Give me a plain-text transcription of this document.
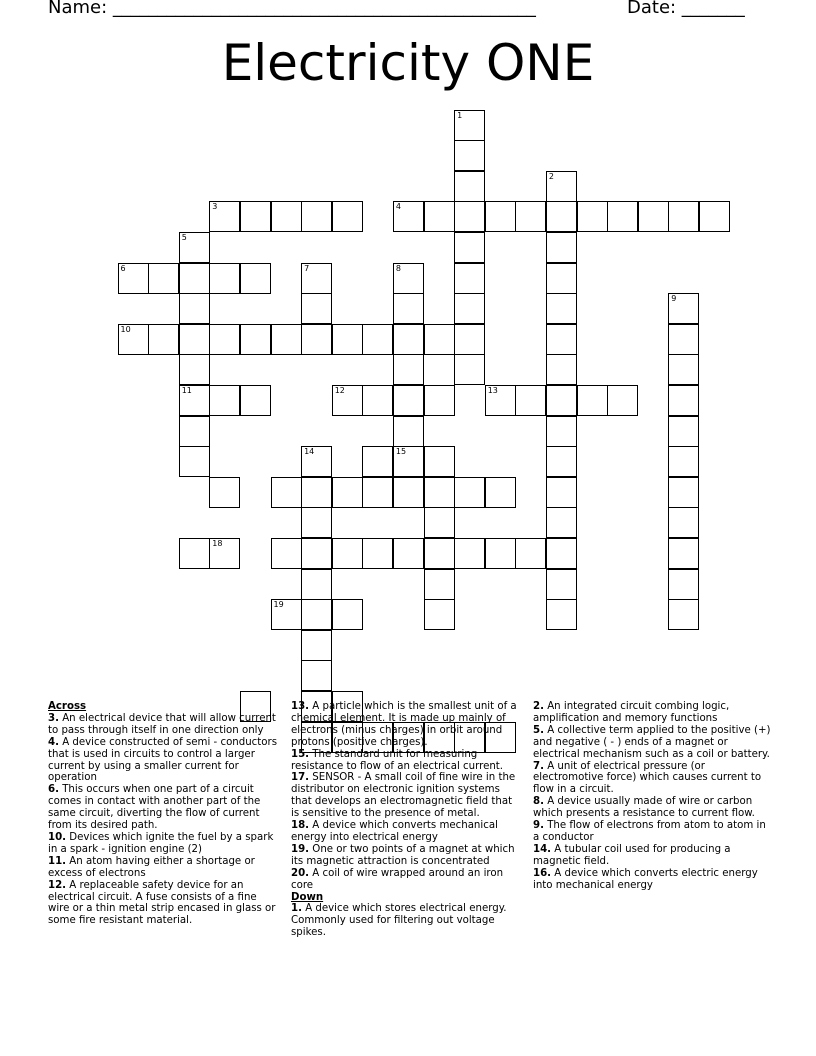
Name: _______________________________________________	Date: _______
Electricity ONE
1
2
3	4
5
11
6	7	8
15
9
10
12	13
14
18
19
Across
3. An electrical device that will allow current to pass through itself in one direction only
4. A device constructed of semi - conductors that is used in circuits to control a larger current by using a smaller current for operation
6. This occurs when one part of a circuit comes in contact with another part of the same circuit, diverting the flow of current from its desired path.
10. Devices which ignite the fuel by a spark in a spark - ignition engine (2)
11. An atom having either a shortage or excess of electrons
12. A replaceable safety device for an electrical circuit. A fuse consists of a fine wire or a thin metal strip encased in glass or some fire resistant material.
13. A particle which is the smallest unit of a chemical element. It is made up mainly of electrons (minus charges) in orbit around protons (positive charges).
15. The standard unit for measuring resistance to flow of an electrical current.
17. SENSOR - A small coil of fine wire in the distributor on electronic ignition systems that develops an electromagnetic field that is sensitive to the presence of metal.
18. A device which converts mechanical energy into electrical energy
19. One or two points of a magnet at which its magnetic attraction is concentrated
20. A coil of wire wrapped around an iron core
Down
1. A device which stores electrical energy. Commonly used for filtering out voltage spikes.
2. An integrated circuit combing logic, amplification and memory functions
5. A collective term applied to the positive (+) and negative ( - ) ends of a magnet or electrical mechanism such as a coil or battery.
7. A unit of electrical pressure (or electromotive force) which causes current to flow in a circuit.
8. A device usually made of wire or carbon which presents a resistance to current flow.
9. The flow of electrons from atom to atom in a conductor
14. A tubular coil used for producing a magnetic field.
16. A device which converts electric energy into mechanical energy
